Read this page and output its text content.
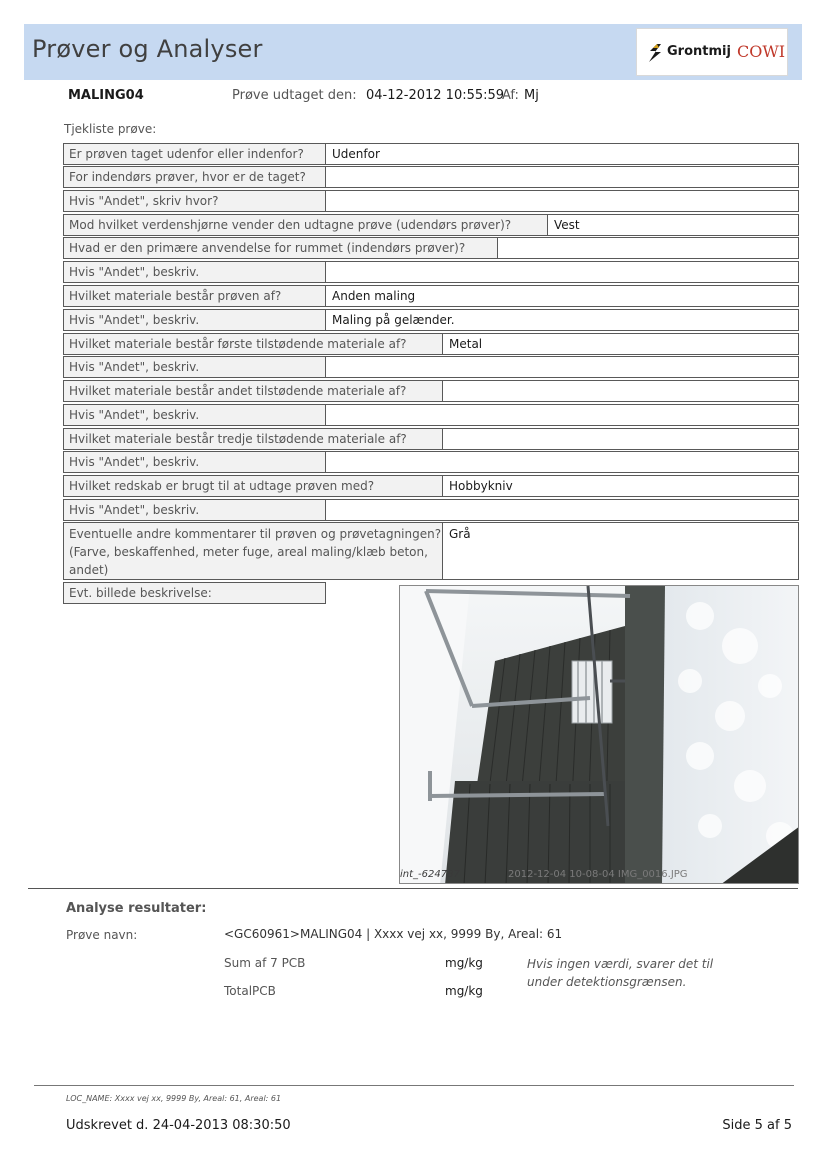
Prøver og Analyser	Grontmij COWI
MALING04	Prøve udtaget den: 04-12-2012 10:55:59
Af: Mj
Tjekliste prøve:
Er prøven taget udenfor eller indenfor?	Udenfor
For indendørs prøver, hvor er de taget?
Hvis "Andet", skriv hvor?
Mod hvilket verdenshjørne vender den udtagne prøve (udendørs prøver)?	Vest
Hvad er den primære anvendelse for rummet (indendørs prøver)?
Hvis "Andet", beskriv.
Hvilket materiale består prøven af?	Anden maling
Hvis "Andet", beskriv.	Maling på gelænder.
Hvilket materiale består første tilstødende materiale af?	Metal
Hvis "Andet", beskriv.
Hvilket materiale består andet tilstødende materiale af?
Hvis "Andet", beskriv.
Hvilket materiale består tredje tilstødende materiale af?
Hvis "Andet", beskriv.
Hvilket redskab er brugt til at udtage prøven med?	Hobbykniv
Hvis "Andet", beskriv.
Eventuelle andre kommentarer til prøven og prøvetagningen? (Farve, beskaffenhed, meter fuge, areal maling/klæb beton, andet)
Grå
Evt. billede beskrivelse:
int_-624787	2012-12-04 10-08-04 IMG_0016.JPG
Analyse resultater:
Prøve navn:	<GC60961>MALING04 | Xxxx vej xx, 9999 By, Areal: 61
Sum af 7 PCB	mg/kg
TotalPCB	mg/kg
Hvis ingen værdi, svarer det til under detektionsgrænsen.
LOC_NAME: Xxxx vej xx, 9999 By, Areal: 61, Areal: 61
Udskrevet d. 24-04-2013 08:30:50	Side 5 af 5
